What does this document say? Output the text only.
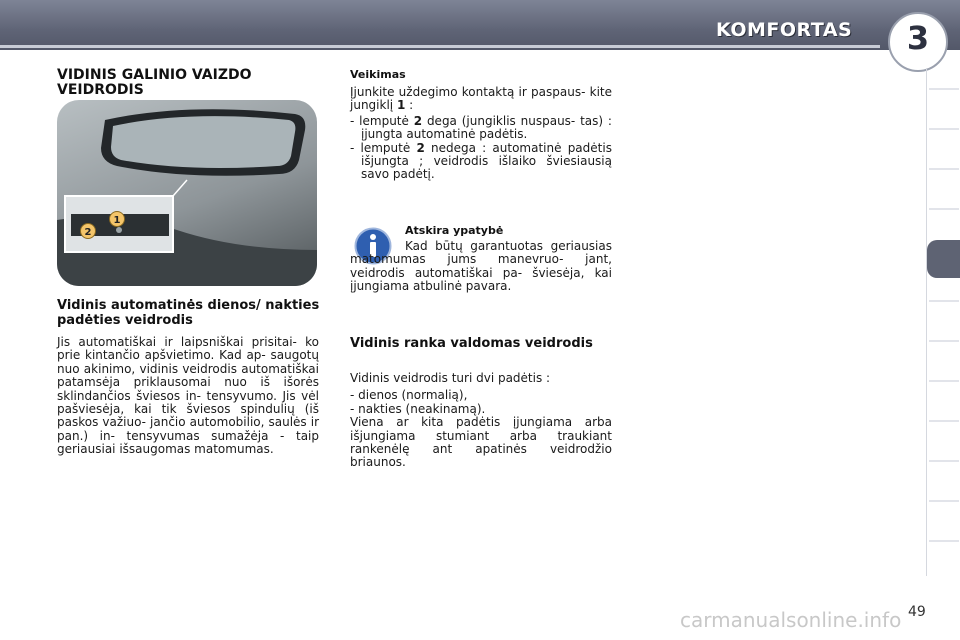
KOMFORTAS	3
VIDINIS GALINIO VAIZDO VEIDRODIS
2
1
Vidinis automatinės dienos/ nakties padėties veidrodis
Jis automatiškai ir laipsniškai prisitai- ko prie kintančio apšvietimo. Kad ap- saugotų nuo akinimo, vidinis veidrodis automatiškai patamsėja priklausomai nuo iš išorės sklindančios šviesos in- tensyvumo. Jis vėl pašviesėja, kai tik šviesos spindulių (iš paskos važiuo- jančio automobilio, saulės ir pan.) in- tensyvumas sumažėja - taip geriausiai išsaugomas matomumas.
Veikimas

Įjunkite uždegimo kontaktą ir paspaus- kite jungiklį 1 :

- lemputė 2 dega (jungiklis nuspaus- tas) : įjungta automatinė padėtis.

- lemputė 2 nedega : automatinė padėtis išjungta ; veidrodis išlaiko šviesiausią savo padėtį.

Atskira ypatybė

Kad būtų garantuotas geriausias matomumas jums manevruo- jant, veidrodis automatiškai pa- šviesėja, kai įjungiama atbulinė pavara.

Vidinis ranka valdomas veidrodis

Vidinis veidrodis turi dvi padėtis :

- dienos (normalią),

- nakties (neakinamą).

Viena ar kita padėtis įjungiama arba išjungiama stumiant arba traukiant rankenėlę ant apatinės veidrodžio briaunos.

carmanualsonline.info 49
